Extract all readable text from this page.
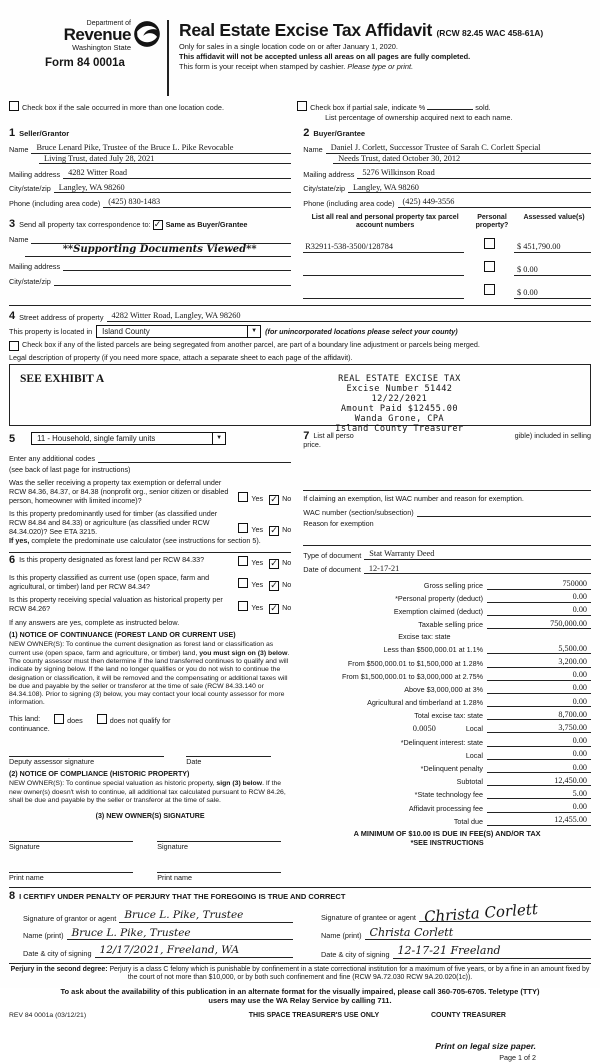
Department of
Revenue
Washington State
Form 84 0001a
Real Estate Excise Tax Affidavit (RCW 82.45 WAC 458-61A)
Only for sales in a single location code on or after January 1, 2020.
This affidavit will not be accepted unless all areas on all pages are fully completed.
This form is your receipt when stamped by cashier. Please type or print.
Check box if the sale occurred in more than one location code.	Check box if partial sale, indicate %	sold.
List percentage of ownership acquired next to each name.
1 Seller/Grantor
Name Bruce Lenard Pike, Trustee of the Bruce L. Pike Revocable
Living Trust, dated July 28, 2021
Mailing address 4282 Witter Road
City/state/zip Langley, WA 98260
Phone (including area code) (425) 830-1483
3 Send all property tax correspondence to: ✓ Same as Buyer/Grantee
Name
**Supporting Documents Viewed**
Mailing address
City/state/zip
2 Buyer/Grantee
Name Daniel J. Corlett, Successor Trustee of Sarah C. Corlett Special
Needs Trust, dated October 30, 2012
Mailing address 5276 Wilkinson Road
City/state/zip Langley, WA 98260
Phone (including area code) (425) 449-3556
List all real and personal property tax parcel account numbers
Personal property?
Assessed value(s)
R32911-538-3500/128784	$ 451,790.00
$ 0.00
$ 0.00
4 Street address of property 4282 Witter Road, Langley, WA 98260
This property is located in	Island County	▼	(for unincorporated locations please select your county)
Check box if any of the listed parcels are being segregated from another parcel, are part of a boundary line adjustment or parcels being merged.
Legal description of property (if you need more space, attach a separate sheet to each page of the affidavit).
SEE EXHIBIT A	REAL ESTATE EXCISE TAX
Excise Number 51442
12/22/2021
Amount Paid $12455.00
Wanda Grone, CPA
Island County Treasurer
5	11 - Household, single family units	▼
Enter any additional codes
(see back of last page for instructions)
Was the seller receiving a property tax exemption or deferral under RCW 84.36, 84.37, or 84.38 (nonprofit org., senior citizen or disabled person, homeowner with limited income)?	Yes ✓ No
Is this property predominantly used for timber (as classified under RCW 84.84 and 84.33) or agriculture (as classified under RCW 84.34.020)? See ETA 3215.	Yes ✓ No
If yes, complete the predominate use calculator (see instructions for section 5).
6 Is this property designated as forest land per RCW 84.33?	Yes ✓ No
Is this property classified as current use (open space, farm and agricultural, or timber) land per RCW 84.34?	Yes ✓ No
Is this property receiving special valuation as historical property per RCW 84.26?	Yes ✓ No
If any answers are yes, complete as instructed below.
(1) NOTICE OF CONTINUANCE (FOREST LAND OR CURRENT USE)
NEW OWNER(S): To continue the current designation as forest land or classification as current use (open space, farm and agriculture, or timber) land, you must sign on (3) below. The county assessor must then determine if the land transferred continues to qualify and will indicate by signing below. If the land no longer qualifies or you do not wish to continue the designation or classification, it will be removed and the compensating or additional taxes will be due and payable by the seller or transferor at the time of sale (RCW 84.33.140 or 84.34.108). Prior to signing (3) below, you may contact your local county assessor for more information.
This land:	does	does not qualify for
continuance.
Deputy assessor signature	Date
(2) NOTICE OF COMPLIANCE (HISTORIC PROPERTY)
NEW OWNER(S): To continue special valuation as historic property, sign (3) below. If the new owner(s) doesn't wish to continue, all additional tax calculated pursuant to RCW 84.26, shall be due and payable by the seller or transferor at the time of sale.
(3) NEW OWNER(S) SIGNATURE
Signature	Signature
Print name	Print name
7 List all perso	gible) included in selling
price.
If claiming an exemption, list WAC number and reason for exemption.
WAC number (section/subsection)
Reason for exemption
Type of document Stat Warranty Deed
Date of document 12-17-21
Gross selling price	750000
*Personal property (deduct)	0.00
Exemption claimed (deduct)	0.00
Taxable selling price	750,000.00
Excise tax: state
Less than $500,000.01 at 1.1%	5,500.00
From $500,000.01 to $1,500,000 at 1.28%	3,200.00
From $1,500,000.01 to $3,000,000 at 2.75%	0.00
Above $3,000,000 at 3%	0.00
Agricultural and timberland at 1.28%	0.00
Total excise tax: state	8,700.00
0.0050	Local	3,750.00
*Delinquent interest: state	0.00
Local	0.00
*Delinquent penalty	0.00
Subtotal	12,450.00
*State technology fee	5.00
Affidavit processing fee	0.00
Total due	12,455.00
A MINIMUM OF $10.00 IS DUE IN FEE(S) AND/OR TAX
*SEE INSTRUCTIONS
8 I CERTIFY UNDER PENALTY OF PERJURY THAT THE FOREGOING IS TRUE AND CORRECT
Signature of grantor or agent Bruce L. Pike, Trustee
Name (print) Bruce L. Pike, Trustee
Date & city of signing 12/17/2021, Freeland, WA
Signature of grantee or agent Christa Corlett
Name (print) Christa Corlett
Date & city of signing 12-17-21 Freeland
Perjury in the second degree: Perjury is a class C felony which is punishable by confinement in a state correctional institution for a maximum of five years, or by a fine in an amount fixed by the court of not more than $10,000, or by both such confinement and fine (RCW 9A.72.030 RCW 9A.20.020(1c)).
To ask about the availability of this publication in an alternate format for the visually impaired, please call 360-705-6705. Teletype (TTY) users may use the WA Relay Service by calling 711.
REV 84 0001a (03/12/21)	THIS SPACE TREASURER'S USE ONLY	COUNTY TREASURER
Print on legal size paper.
Page 1 of 2
